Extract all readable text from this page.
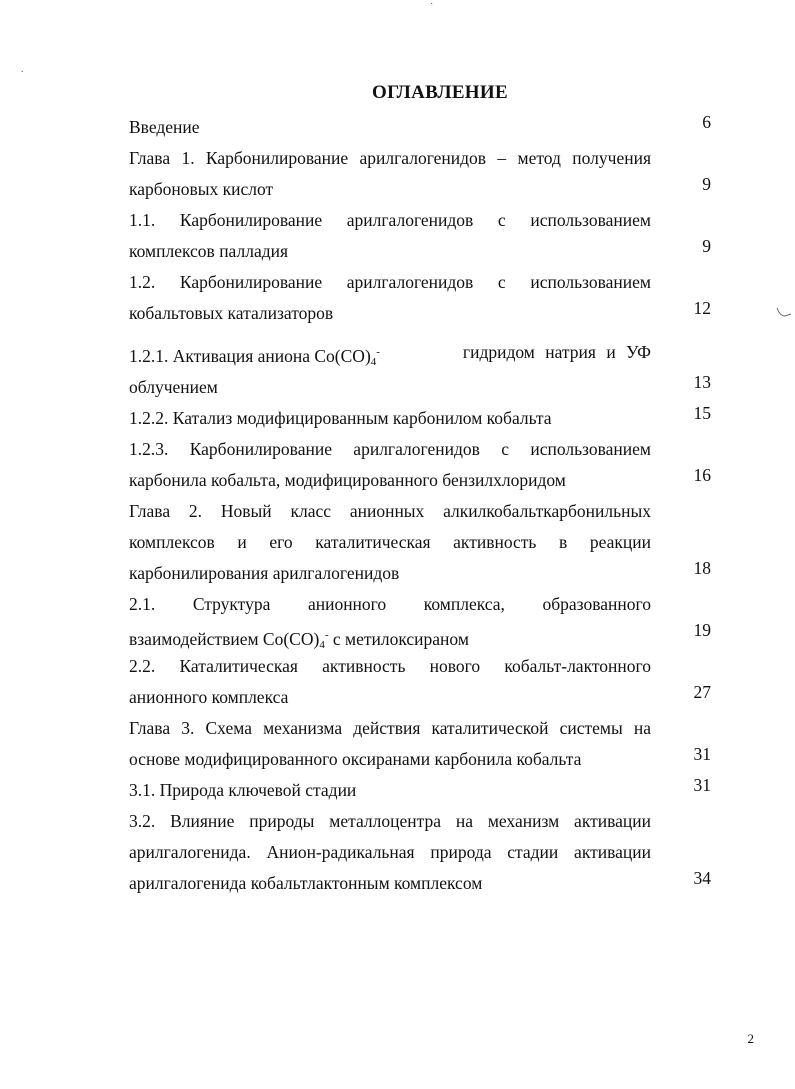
˙
.
ОГЛАВЛЕНИЕ
Введение	6
Глава 1. Карбонилирование арилгалогенидов – метод получения
карбоновых кислот	9
1.1. Карбонилирование арилгалогенидов с использованием
комплексов палладия	9
1.2. Карбонилирование арилгалогенидов с использованием
кобальтовых катализаторов	12
1.2.1. Активация аниона $Co(CO)_4^-$	гидридом натрия и УФ
облучением	13
1.2.2. Катализ модифицированным карбонилом кобальта	15
1.2.3. Карбонилирование арилгалогенидов с использованием
карбонила кобальта, модифицированного бензилхлоридом	16
Глава 2. Новый класс анионных алкилкобальткарбонильных
комплексов и его каталитическая активность в реакции
карбонилирования арилгалогенидов	18
2.1. Структура анионного комплекса, образованного
взаимодействием $Co(CO)_4^-$ с метилоксираном	19
2.2. Каталитическая активность нового кобальт-лактонного
анионного комплекса	27
Глава 3. Схема механизма действия каталитической системы на
основе модифицированного оксиранами карбонила кобальта	31
3.1. Природа ключевой стадии	31
3.2. Влияние природы металлоцентра на механизм активации
арилгалогенида. Анион-радикальная природа стадии активации
арилгалогенида кобальтлактонным комплексом	34
2
